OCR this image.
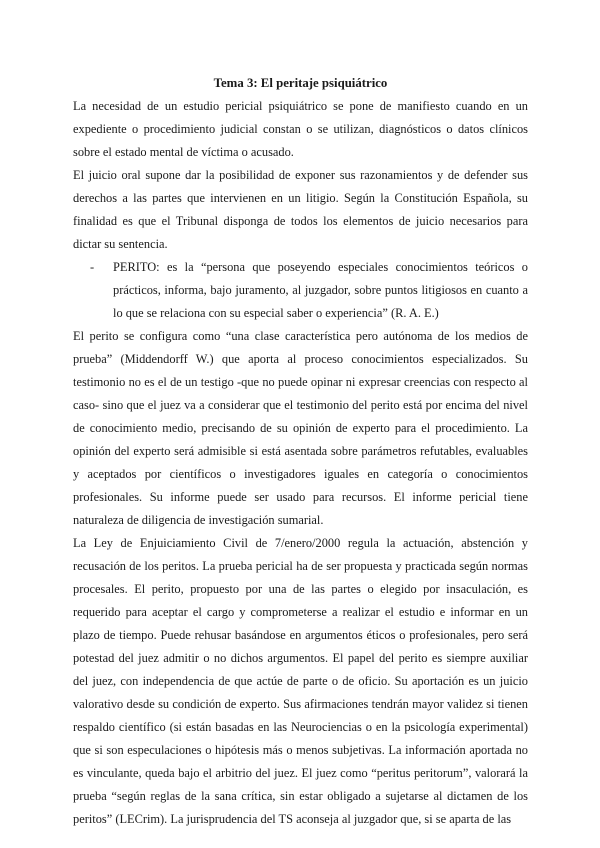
Tema 3: El peritaje psiquiátrico

La necesidad de un estudio pericial psiquiátrico se pone de manifiesto cuando en un expediente o procedimiento judicial constan o se utilizan, diagnósticos o datos clínicos sobre el estado mental de víctima o acusado.

El juicio oral supone dar la posibilidad de exponer sus razonamientos y de defender sus derechos a las partes que intervienen en un litigio. Según la Constitución Española, su finalidad es que el Tribunal disponga de todos los elementos de juicio necesarios para dictar su sentencia.

- PERITO: es la “persona que poseyendo especiales conocimientos teóricos o prácticos, informa, bajo juramento, al juzgador, sobre puntos litigiosos en cuanto a lo que se relaciona con su especial saber o experiencia” (R. A. E.)

El perito se configura como “una clase característica pero autónoma de los medios de prueba” (Middendorff W.) que aporta al proceso conocimientos especializados. Su testimonio no es el de un testigo -que no puede opinar ni expresar creencias con respecto al caso- sino que el juez va a considerar que el testimonio del perito está por encima del nivel de conocimiento medio, precisando de su opinión de experto para el procedimiento. La opinión del experto será admisible si está asentada sobre parámetros refutables, evaluables y aceptados por científicos o investigadores iguales en categoría o conocimientos profesionales. Su informe puede ser usado para recursos. El informe pericial tiene naturaleza de diligencia de investigación sumarial.

La Ley de Enjuiciamiento Civil de 7/enero/2000 regula la actuación, abstención y recusación de los peritos. La prueba pericial ha de ser propuesta y practicada según normas procesales. El perito, propuesto por una de las partes o elegido por insaculación, es requerido para aceptar el cargo y comprometerse a realizar el estudio e informar en un plazo de tiempo. Puede rehusar basándose en argumentos éticos o profesionales, pero será potestad del juez admitir o no dichos argumentos. El papel del perito es siempre auxiliar del juez, con independencia de que actúe de parte o de oficio. Su aportación es un juicio valorativo desde su condición de experto. Sus afirmaciones tendrán mayor validez si tienen respaldo científico (si están basadas en las Neurociencias o en la psicología experimental) que si son especulaciones o hipótesis más o menos subjetivas. La información aportada no es vinculante, queda bajo el arbitrio del juez. El juez como “peritus peritorum”, valorará la prueba “según reglas de la sana crítica, sin estar obligado a sujetarse al dictamen de los peritos” (LECrim). La jurisprudencia del TS aconseja al juzgador que, si se aparta de las
